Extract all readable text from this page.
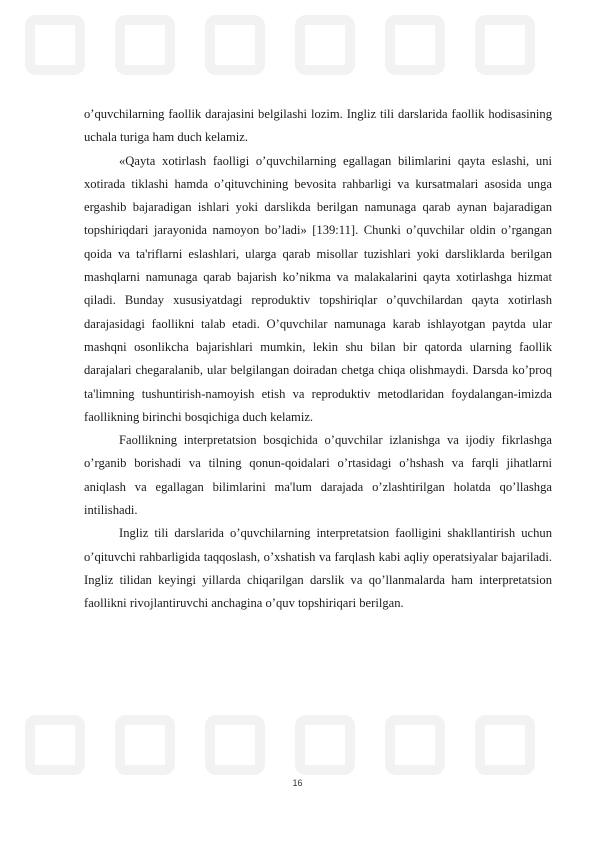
o’quvchilarning faollik darajasini belgilashi lozim. Ingliz tili darslarida faollik hodisasining uchala turiga ham duch kelamiz.

«Qayta xotirlash faolligi o’quvchilarning egallagan bilimlarini qayta eslashi, uni xotirada tiklashi hamda o’qituvchining bevosita rahbarligi va kursatmalari asosida unga ergashib bajaradigan ishlari yoki darslikda berilgan namunaga qarab aynan bajaradigan topshiriqdari jarayonida namoyon bo’ladi» [139:11]. Chunki o’quvchilar oldin o’rgangan qoida va ta'riflarni eslashlari, ularga qarab misollar tuzishlari yoki darsliklarda berilgan mashqlarni namunaga qarab bajarish ko’nikma va malakalarini qayta xotirlashga hizmat qiladi. Bunday xususiyatdagi reproduktiv topshiriqlar o’quvchilardan qayta xotirlash darajasidagi faollikni talab etadi. O’quvchilar namunaga karab ishlayotgan paytda ular mashqni osonlikcha bajarishlari mumkin, lekin shu bilan bir qatorda ularning faollik darajalari chegaralanib, ular belgilangan doiradan chetga chiqa olishmaydi. Darsda ko’proq ta'limning tushuntirish-namoyish etish va reproduktiv metodlaridan foydalangan-imizda faollikning birinchi bosqichiga duch kelamiz.

Faollikning interpretatsion bosqichida o’quvchilar izlanishga va ijodiy fikrlashga o’rganib borishadi va tilning qonun-qoidalari o’rtasidagi o’hshash va farqli jihatlarni aniqlash va egallagan bilimlarini ma'lum darajada o’zlashtirilgan holatda qo’llashga intilishadi.

Ingliz tili darslarida o’quvchilarning interpretatsion faolligini shakllantirish uchun o’qituvchi rahbarligida taqqoslash, o’xshatish va farqlash kabi aqliy operatsiyalar bajariladi. Ingliz tilidan keyingi yillarda chiqarilgan darslik va qo’llanmalarda ham interpretatsion faollikni rivojlantiruvchi anchagina o’quv topshiriqari berilgan.

16
